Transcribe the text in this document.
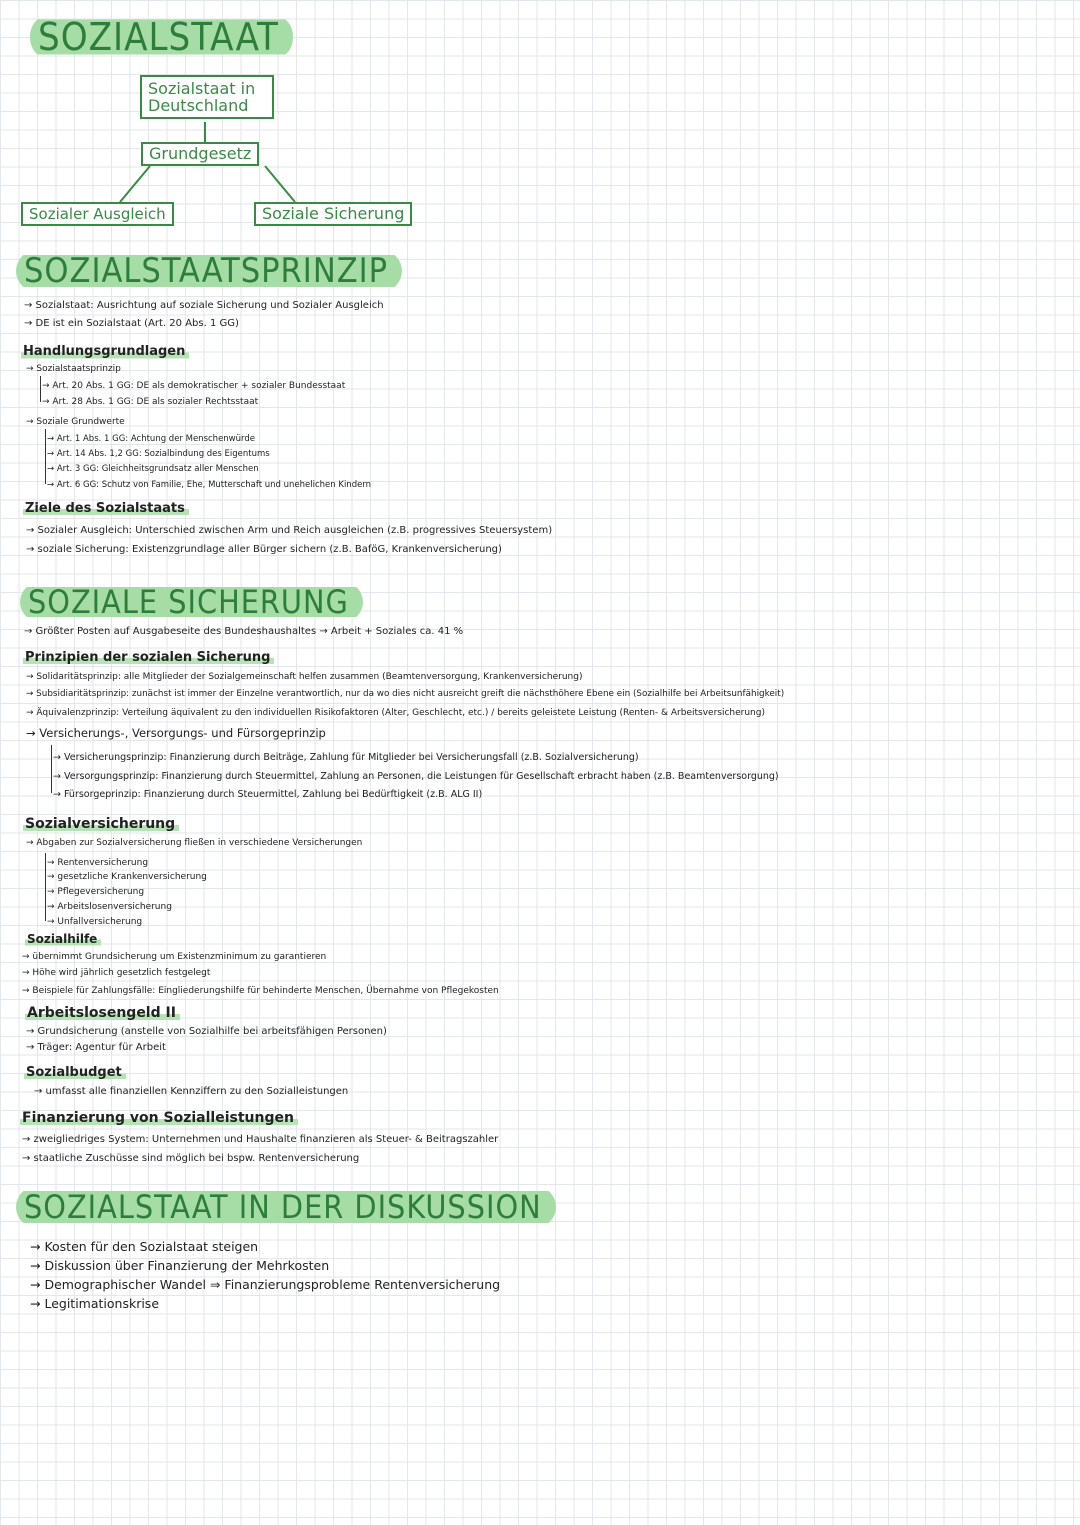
SOZIALSTAAT
Sozialstaat in Deutschland
Grundgesetz
Sozialer Ausgleich	Soziale Sicherung
SOZIALSTAATSPRINZIP
→ Sozialstaat: Ausrichtung auf soziale Sicherung und Sozialer Ausgleich
→ DE ist ein Sozialstaat (Art. 20 Abs. 1 GG)
Handlungsgrundlagen
→ Sozialstaatsprinzip
→ Art. 20 Abs. 1 GG: DE als demokratischer + sozialer Bundesstaat
→ Art. 28 Abs. 1 GG: DE als sozialer Rechtsstaat
→ Soziale Grundwerte
→ Art. 1 Abs. 1 GG: Achtung der Menschenwürde
→ Art. 14 Abs. 1,2 GG: Sozialbindung des Eigentums
→ Art. 3 GG: Gleichheitsgrundsatz aller Menschen
→ Art. 6 GG: Schutz von Familie, Ehe, Mutterschaft und unehelichen Kindern
Ziele des Sozialstaats
→ Sozialer Ausgleich: Unterschied zwischen Arm und Reich ausgleichen (z.B. progressives Steuersystem)
→ soziale Sicherung: Existenzgrundlage aller Bürger sichern (z.B. BaföG, Krankenversicherung)
SOZIALE SICHERUNG
→ Größter Posten auf Ausgabeseite des Bundeshaushaltes → Arbeit + Soziales ca. 41 %
Prinzipien der sozialen Sicherung
→ Solidaritätsprinzip: alle Mitglieder der Sozialgemeinschaft helfen zusammen (Beamtenversorgung, Krankenversicherung)
→ Subsidiaritätsprinzip: zunächst ist immer der Einzelne verantwortlich, nur da wo dies nicht ausreicht greift die nächsthöhere Ebene ein (Sozialhilfe bei Arbeitsunfähigkeit)
→ Äquivalenzprinzip: Verteilung äquivalent zu den individuellen Risikofaktoren (Alter, Geschlecht, etc.) / bereits geleistete Leistung (Renten- & Arbeitsversicherung)
→ Versicherungs-, Versorgungs- und Fürsorgeprinzip
→ Versicherungsprinzip: Finanzierung durch Beiträge, Zahlung für Mitglieder bei Versicherungsfall (z.B. Sozialversicherung)
→ Versorgungsprinzip: Finanzierung durch Steuermittel, Zahlung an Personen, die Leistungen für Gesellschaft erbracht haben (z.B. Beamtenversorgung)
→ Fürsorgeprinzip: Finanzierung durch Steuermittel, Zahlung bei Bedürftigkeit (z.B. ALG II)
Sozialversicherung
→ Abgaben zur Sozialversicherung fließen in verschiedene Versicherungen
→ Rentenversicherung
→ gesetzliche Krankenversicherung
→ Pflegeversicherung
→ Arbeitslosenversicherung
→ Unfallversicherung
Sozialhilfe
→ übernimmt Grundsicherung um Existenzminimum zu garantieren
→ Höhe wird jährlich gesetzlich festgelegt
→ Beispiele für Zahlungsfälle: Eingliederungshilfe für behinderte Menschen, Übernahme von Pflegekosten
Arbeitslosengeld II
→ Grundsicherung (anstelle von Sozialhilfe bei arbeitsfähigen Personen)
→ Träger: Agentur für Arbeit
Sozialbudget
→ umfasst alle finanziellen Kennziffern zu den Sozialleistungen
Finanzierung von Sozialleistungen
→ zweigliedriges System: Unternehmen und Haushalte finanzieren als Steuer- & Beitragszahler
→ staatliche Zuschüsse sind möglich bei bspw. Rentenversicherung
SOZIALSTAAT IN DER DISKUSSION
→ Kosten für den Sozialstaat steigen
→ Diskussion über Finanzierung der Mehrkosten
→ Demographischer Wandel ⇒ Finanzierungsprobleme Rentenversicherung
→ Legitimationskrise
